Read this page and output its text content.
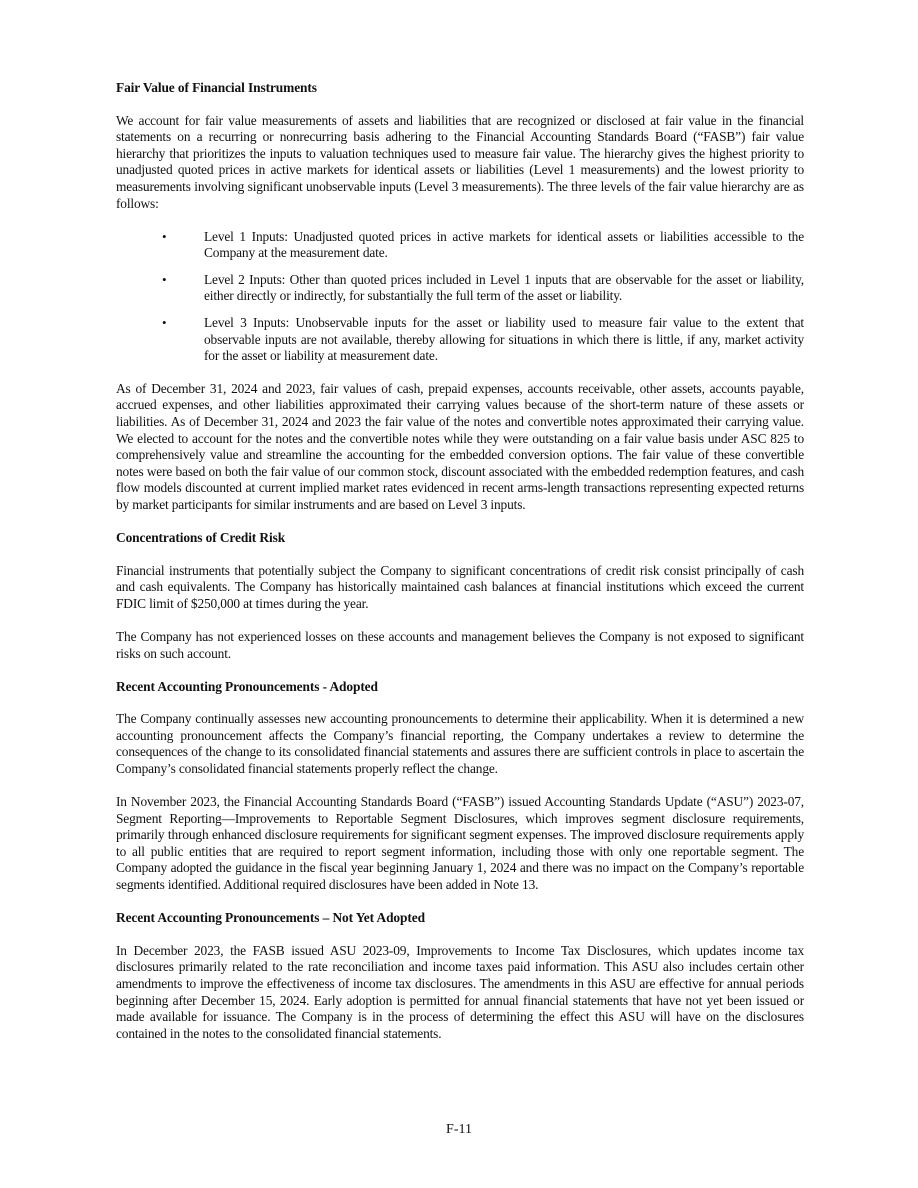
Fair Value of Financial Instruments

We account for fair value measurements of assets and liabilities that are recognized or disclosed at fair value in the financial statements on a recurring or nonrecurring basis adhering to the Financial Accounting Standards Board (“FASB”) fair value hierarchy that prioritizes the inputs to valuation techniques used to measure fair value. The hierarchy gives the highest priority to unadjusted quoted prices in active markets for identical assets or liabilities (Level 1 measurements) and the lowest priority to measurements involving significant unobservable inputs (Level 3 measurements). The three levels of the fair value hierarchy are as follows:

•	Level 1 Inputs: Unadjusted quoted prices in active markets for identical assets or liabilities accessible to the Company at the measurement date.
•	Level 2 Inputs: Other than quoted prices included in Level 1 inputs that are observable for the asset or liability, either directly or indirectly, for substantially the full term of the asset or liability.
•	Level 3 Inputs: Unobservable inputs for the asset or liability used to measure fair value to the extent that observable inputs are not available, thereby allowing for situations in which there is little, if any, market activity for the asset or liability at measurement date.

As of December 31, 2024 and 2023, fair values of cash, prepaid expenses, accounts receivable, other assets, accounts payable, accrued expenses, and other liabilities approximated their carrying values because of the short-term nature of these assets or liabilities. As of December 31, 2024 and 2023 the fair value of the notes and convertible notes approximated their carrying value. We elected to account for the notes and the convertible notes while they were outstanding on a fair value basis under ASC 825 to comprehensively value and streamline the accounting for the embedded conversion options. The fair value of these convertible notes were based on both the fair value of our common stock, discount associated with the embedded redemption features, and cash flow models discounted at current implied market rates evidenced in recent arms-length transactions representing expected returns by market participants for similar instruments and are based on Level 3 inputs.

Concentrations of Credit Risk

Financial instruments that potentially subject the Company to significant concentrations of credit risk consist principally of cash and cash equivalents. The Company has historically maintained cash balances at financial institutions which exceed the current FDIC limit of $250,000 at times during the year.

The Company has not experienced losses on these accounts and management believes the Company is not exposed to significant risks on such account.

Recent Accounting Pronouncements - Adopted

The Company continually assesses new accounting pronouncements to determine their applicability. When it is determined a new accounting pronouncement affects the Company’s financial reporting, the Company undertakes a review to determine the consequences of the change to its consolidated financial statements and assures there are sufficient controls in place to ascertain the Company’s consolidated financial statements properly reflect the change.

In November 2023, the Financial Accounting Standards Board (“FASB”) issued Accounting Standards Update (“ASU”) 2023-07, Segment Reporting—Improvements to Reportable Segment Disclosures, which improves segment disclosure requirements, primarily through enhanced disclosure requirements for significant segment expenses. The improved disclosure requirements apply to all public entities that are required to report segment information, including those with only one reportable segment. The Company adopted the guidance in the fiscal year beginning January 1, 2024 and there was no impact on the Company’s reportable segments identified. Additional required disclosures have been added in Note 13.

Recent Accounting Pronouncements – Not Yet Adopted

In December 2023, the FASB issued ASU 2023-09, Improvements to Income Tax Disclosures, which updates income tax disclosures primarily related to the rate reconciliation and income taxes paid information. This ASU also includes certain other amendments to improve the effectiveness of income tax disclosures. The amendments in this ASU are effective for annual periods beginning after December 15, 2024. Early adoption is permitted for annual financial statements that have not yet been issued or made available for issuance. The Company is in the process of determining the effect this ASU will have on the disclosures contained in the notes to the consolidated financial statements.

F-11
